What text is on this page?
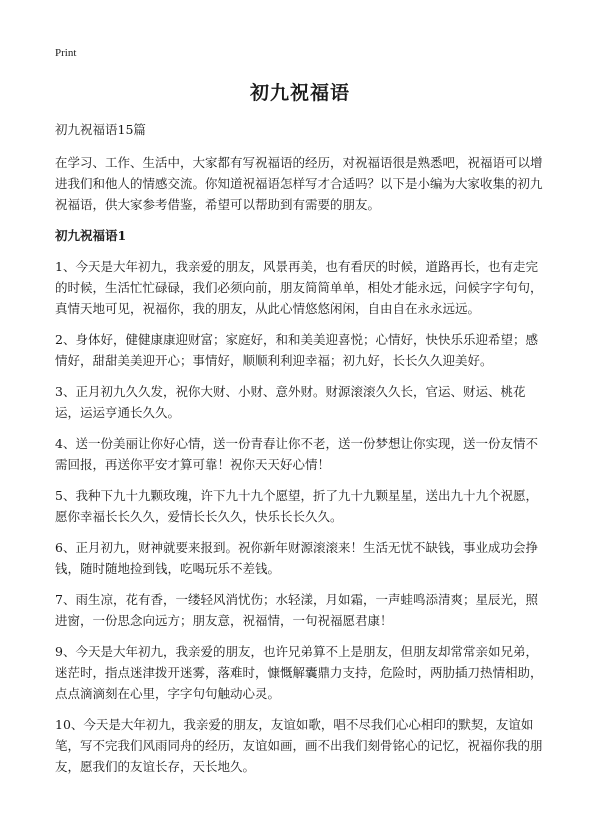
Print
初九祝福语

初九祝福语15篇

在学习、工作、生活中，大家都有写祝福语的经历，对祝福语很是熟悉吧，祝福语可以增进我们和他人的情感交流。你知道祝福语怎样写才合适吗？以下是小编为大家收集的初九祝福语，供大家参考借鉴，希望可以帮助到有需要的朋友。

初九祝福语1

1、今天是大年初九，我亲爱的朋友，风景再美，也有看厌的时候，道路再长，也有走完的时候，生活忙忙碌碌，我们必须向前，朋友简简单单，相处才能永远，问候字字句句，真情天地可见，祝福你，我的朋友，从此心情悠悠闲闲，自由自在永永远远。

2、身体好，健健康康迎财富；家庭好，和和美美迎喜悦；心情好，快快乐乐迎希望；感情好，甜甜美美迎开心；事情好，顺顺利利迎幸福；初九好，长长久久迎美好。

3、正月初九久久发，祝你大财、小财、意外财。财源滚滚久久长，官运、财运、桃花运，运运亨通长久久。

4、送一份美丽让你好心情，送一份青春让你不老，送一份梦想让你实现，送一份友情不需回报，再送你平安才算可靠！祝你天天好心情！

5、我种下九十九颗玫瑰，许下九十九个愿望，折了九十九颗星星，送出九十九个祝愿，愿你幸福长长久久，爱情长长久久，快乐长长久久。

6、正月初九，财神就要来报到。祝你新年财源滚滚来！生活无忧不缺钱，事业成功会挣钱，随时随地捡到钱，吃喝玩乐不差钱。

7、雨生凉，花有香，一缕轻风消忧伤；水轻漾，月如霜，一声蛙鸣添清爽；星辰光，照进窗，一份思念向远方；朋友意，祝福情，一句祝福愿君康！

9、今天是大年初九，我亲爱的朋友，也许兄弟算不上是朋友，但朋友却常常亲如兄弟，迷茫时，指点迷津拨开迷雾，落难时，慷慨解囊鼎力支持，危险时，两肋插刀热情相助，点点滴滴刻在心里，字字句句触动心灵。

10、今天是大年初九，我亲爱的朋友，友谊如歌，唱不尽我们心心相印的默契，友谊如笔，写不完我们风雨同舟的经历，友谊如画，画不出我们刻骨铭心的记忆，祝福你我的朋友，愿我们的友谊长存，天长地久。
